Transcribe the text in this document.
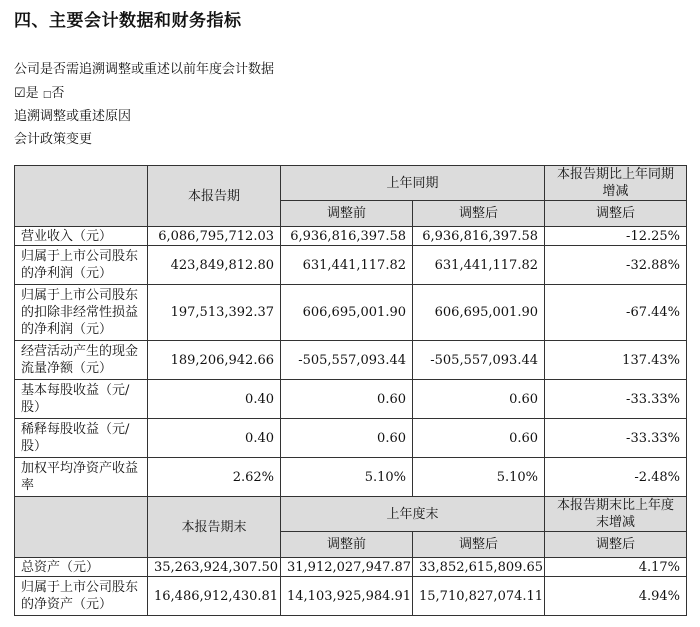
四、主要会计数据和财务指标
公司是否需追溯调整或重述以前年度会计数据
☑是 □否
追溯调整或重述原因
会计政策变更
	本报告期	上年同期		本报告期比上年同期增减
		调整前	调整后	调整后
营业收入（元）	6,086,795,712.03	6,936,816,397.58	6,936,816,397.58	-12.25%
归属于上市公司股东的净利润（元）	423,849,812.80	631,441,117.82	631,441,117.82	-32.88%
归属于上市公司股东的扣除非经常性损益的净利润（元）	197,513,392.37	606,695,001.90	606,695,001.90	-67.44%
经营活动产生的现金流量净额（元）	189,206,942.66	-505,557,093.44	-505,557,093.44	137.43%
基本每股收益（元/股）	0.40	0.60	0.60	-33.33%
稀释每股收益（元/股）	0.40	0.60	0.60	-33.33%
加权平均净资产收益率	2.62%	5.10%	5.10%	-2.48%
	本报告期末	上年度末		本报告期末比上年度末增减
		调整前	调整后	调整后
总资产（元）	35,263,924,307.50	31,912,027,947.87	33,852,615,809.65	4.17%
归属于上市公司股东的净资产（元）	16,486,912,430.81	14,103,925,984.91	15,710,827,074.11	4.94%
